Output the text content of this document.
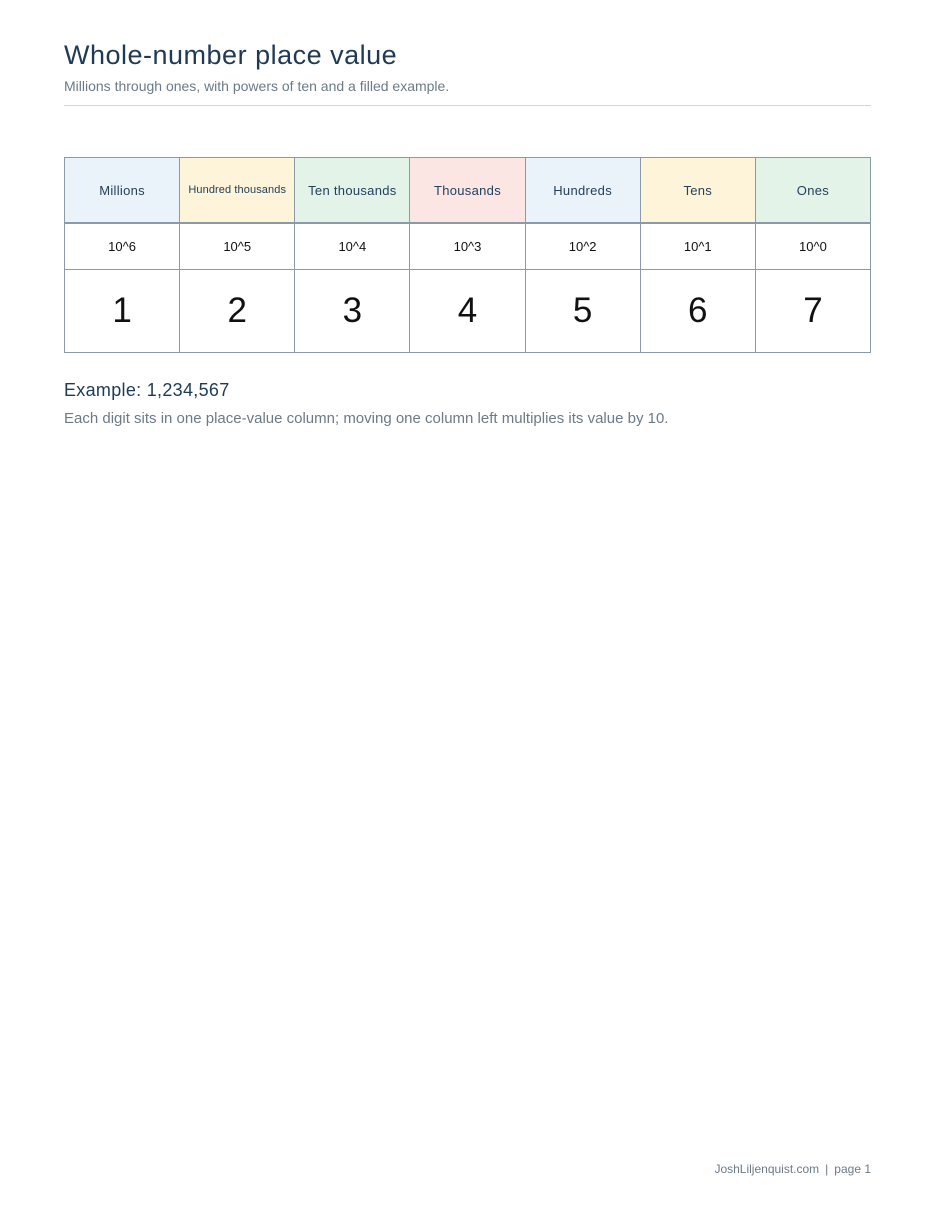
Whole-number place value

Millions through ones, with powers of ten and a filled example.

Millions	Hundred thousands	Ten thousands	Thousands	Hundreds	Tens	Ones
10^6	10^5	10^4	10^3	10^2	10^1	10^0
1	2	3	4	5	6	7
Example: 1,234,567

Each digit sits in one place-value column; moving one column left multiplies its value by 10.

JoshLiljenquist.com | page 1
